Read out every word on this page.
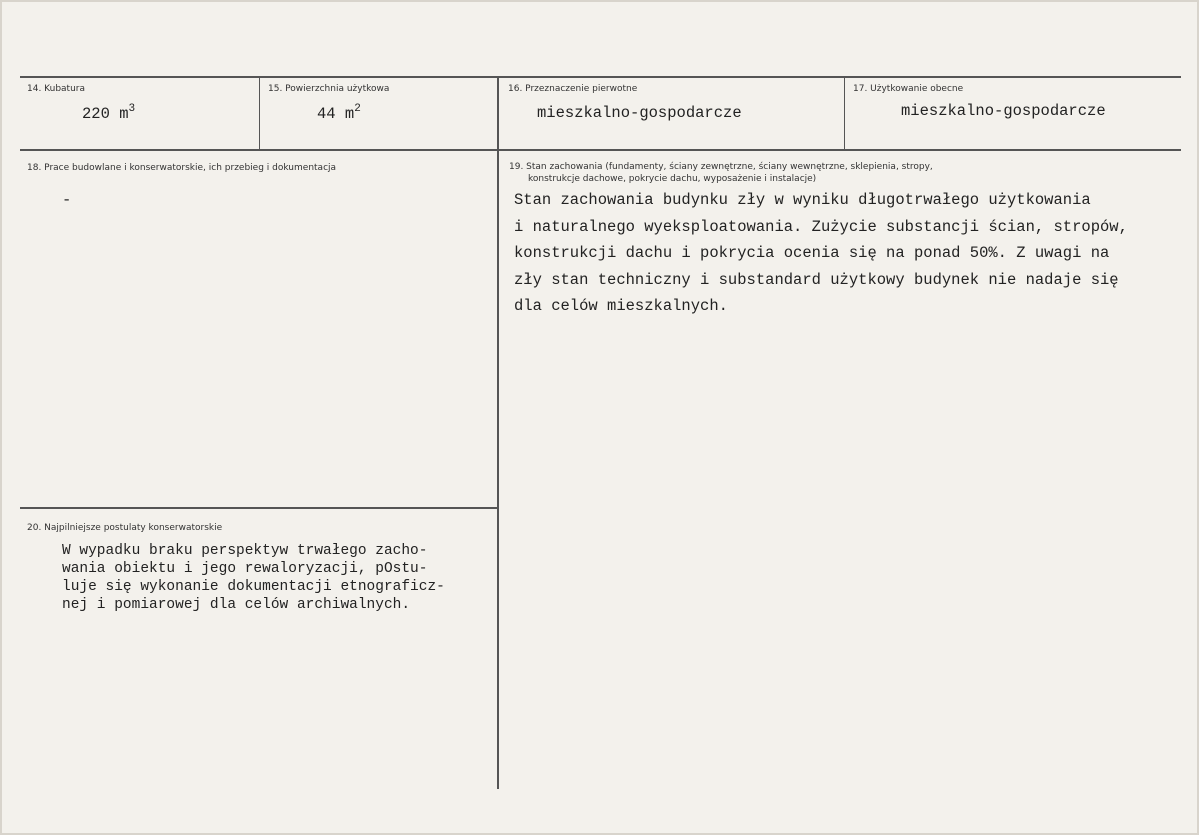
14. Kubatura
220 $m^3$
15. Powierzchnia użytkowa
44 $m^2$
16. Przeznaczenie pierwotne
mieszkalno-gospodarcze
17. Użytkowanie obecne
mieszkalno-gospodarcze
18. Prace budowlane i konserwatorskie, ich przebieg i dokumentacja
-
19. Stan zachowania (fundamenty, ściany zewnętrzne, ściany wewnętrzne, sklepienia, stropy,
konstrukcje dachowe, pokrycie dachu, wyposażenie i instalacje)
Stan zachowania budynku zły w wyniku długotrwałego użytkowania
i naturalnego wyeksploatowania. Zużycie substancji ścian, stropów,
konstrukcji dachu i pokrycia ocenia się na ponad 50%. Z uwagi na
zły stan techniczny i substandard użytkowy budynek nie nadaje się
dla celów mieszkalnych.
20. Najpilniejsze postulaty konserwatorskie
W wypadku braku perspektyw trwałego zacho-
wania obiektu i jego rewaloryzacji, pOstu-
luje się wykonanie dokumentacji etnograficz-
nej i pomiarowej dla celów archiwalnych.
